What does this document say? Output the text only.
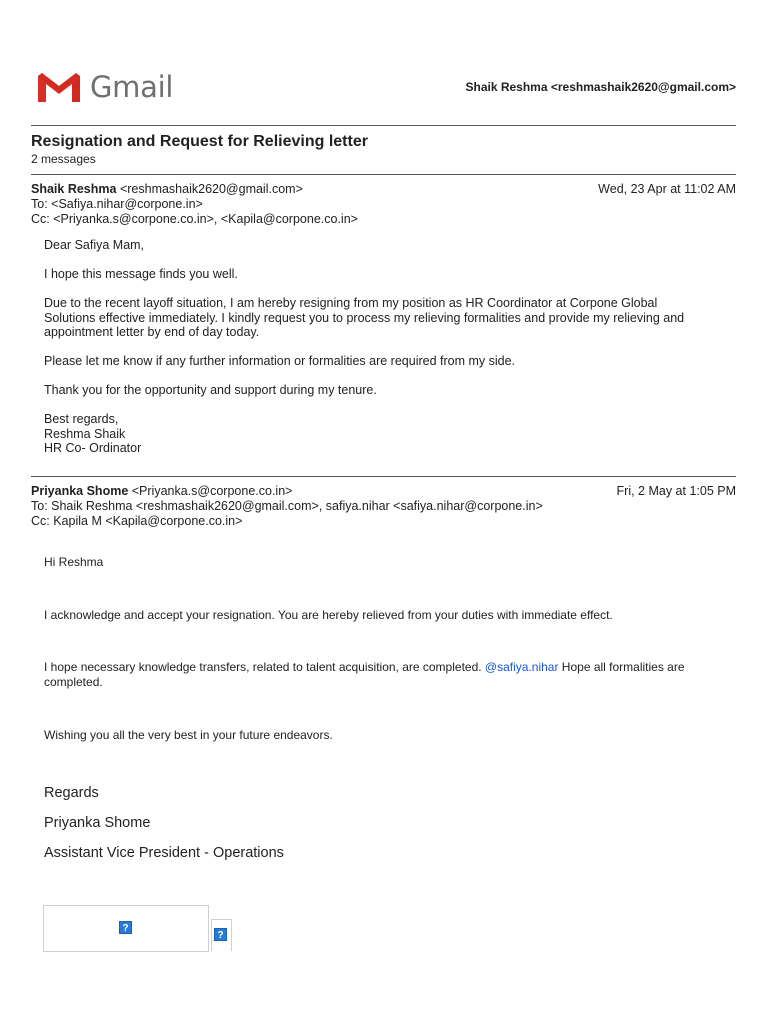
Gmail	Shaik Reshma <reshmashaik2620@gmail.com>
Resignation and Request for Relieving letter
2 messages
Shaik Reshma <reshmashaik2620@gmail.com>	Wed, 23 Apr at 11:02 AM
To: <Safiya.nihar@corpone.in>
Cc: <Priyanka.s@corpone.co.in>, <Kapila@corpone.co.in>

Dear Safiya Mam,

I hope this message finds you well.

Due to the recent layoff situation, I am hereby resigning from my position as HR Coordinator at Corpone Global

Solutions effective immediately. I kindly request you to process my relieving formalities and provide my relieving and

appointment letter by end of day today.

Please let me know if any further information or formalities are required from my side.

Thank you for the opportunity and support during my tenure.

Best regards,

Reshma Shaik

HR Co- Ordinator

Priyanka Shome <Priyanka.s@corpone.co.in>	Fri, 2 May at 1:05 PM
To: Shaik Reshma <reshmashaik2620@gmail.com>, safiya.nihar <safiya.nihar@corpone.in>
Cc: Kapila M <Kapila@corpone.co.in>

Hi Reshma

I acknowledge and accept your resignation. You are hereby relieved from your duties with immediate effect.

I hope necessary knowledge transfers, related to talent acquisition, are completed. @safiya.nihar Hope all formalities are

completed.

Wishing you all the very best in your future endeavors.

Regards
Priyanka Shome
Assistant Vice President - Operations
?
?
